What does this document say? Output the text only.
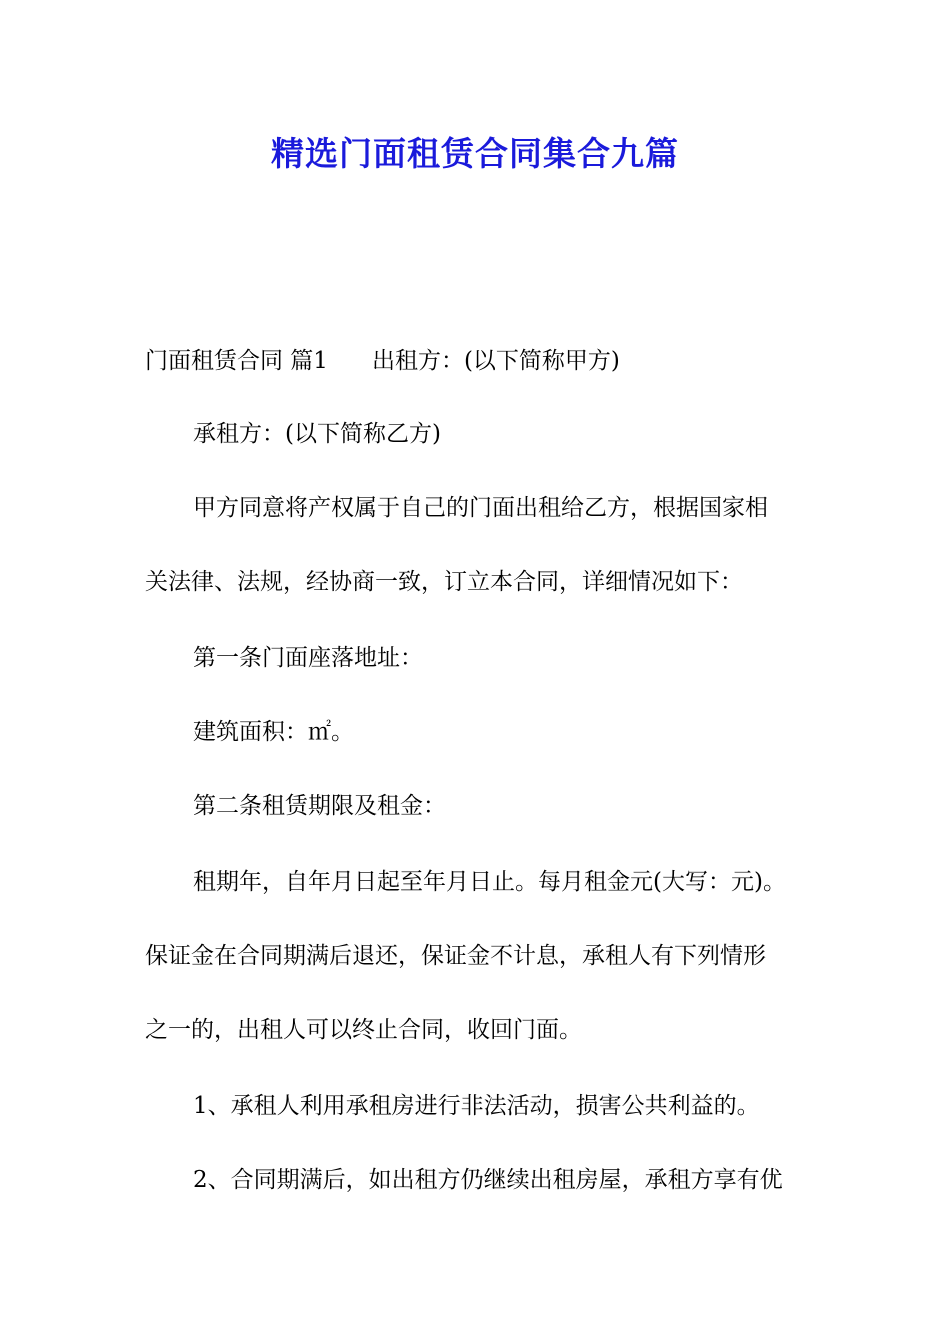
精选门面租赁合同集合九篇
门面租赁合同 篇1 出租方：(以下简称甲方)
承租方：(以下简称乙方)
甲方同意将产权属于自己的门面出租给乙方，根据国家相
关法律、法规，经协商一致，订立本合同，详细情况如下：
第一条门面座落地址：
建筑面积：㎡。
第二条租赁期限及租金：
租期年，自年月日起至年月日止。每月租金元(大写：元)。
保证金在合同期满后退还，保证金不计息，承租人有下列情形
之一的，出租人可以终止合同，收回门面。
1、承租人利用承租房进行非法活动，损害公共利益的。
2、合同期满后，如出租方仍继续出租房屋，承租方享有优
